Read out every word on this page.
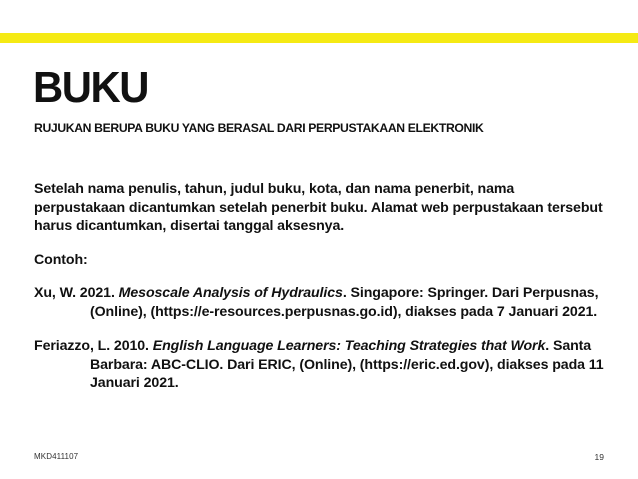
BUKU
RUJUKAN BERUPA BUKU YANG BERASAL DARI PERPUSTAKAAN ELEKTRONIK

Setelah nama penulis, tahun, judul buku, kota, dan nama penerbit, nama perpustakaan dicantumkan setelah penerbit buku. Alamat web perpustakaan tersebut harus dicantumkan, disertai tanggal aksesnya.

Contoh:

Xu, W. 2021. Mesoscale Analysis of Hydraulics. Singapore: Springer. Dari Perpusnas, (Online), (https://e-resources.perpusnas.go.id), diakses pada 7 Januari 2021.

Feriazzo, L. 2010. English Language Learners: Teaching Strategies that Work. Santa Barbara: ABC-CLIO. Dari ERIC, (Online), (https://eric.ed.gov), diakses pada 11 Januari 2021.

MKD411107	19
